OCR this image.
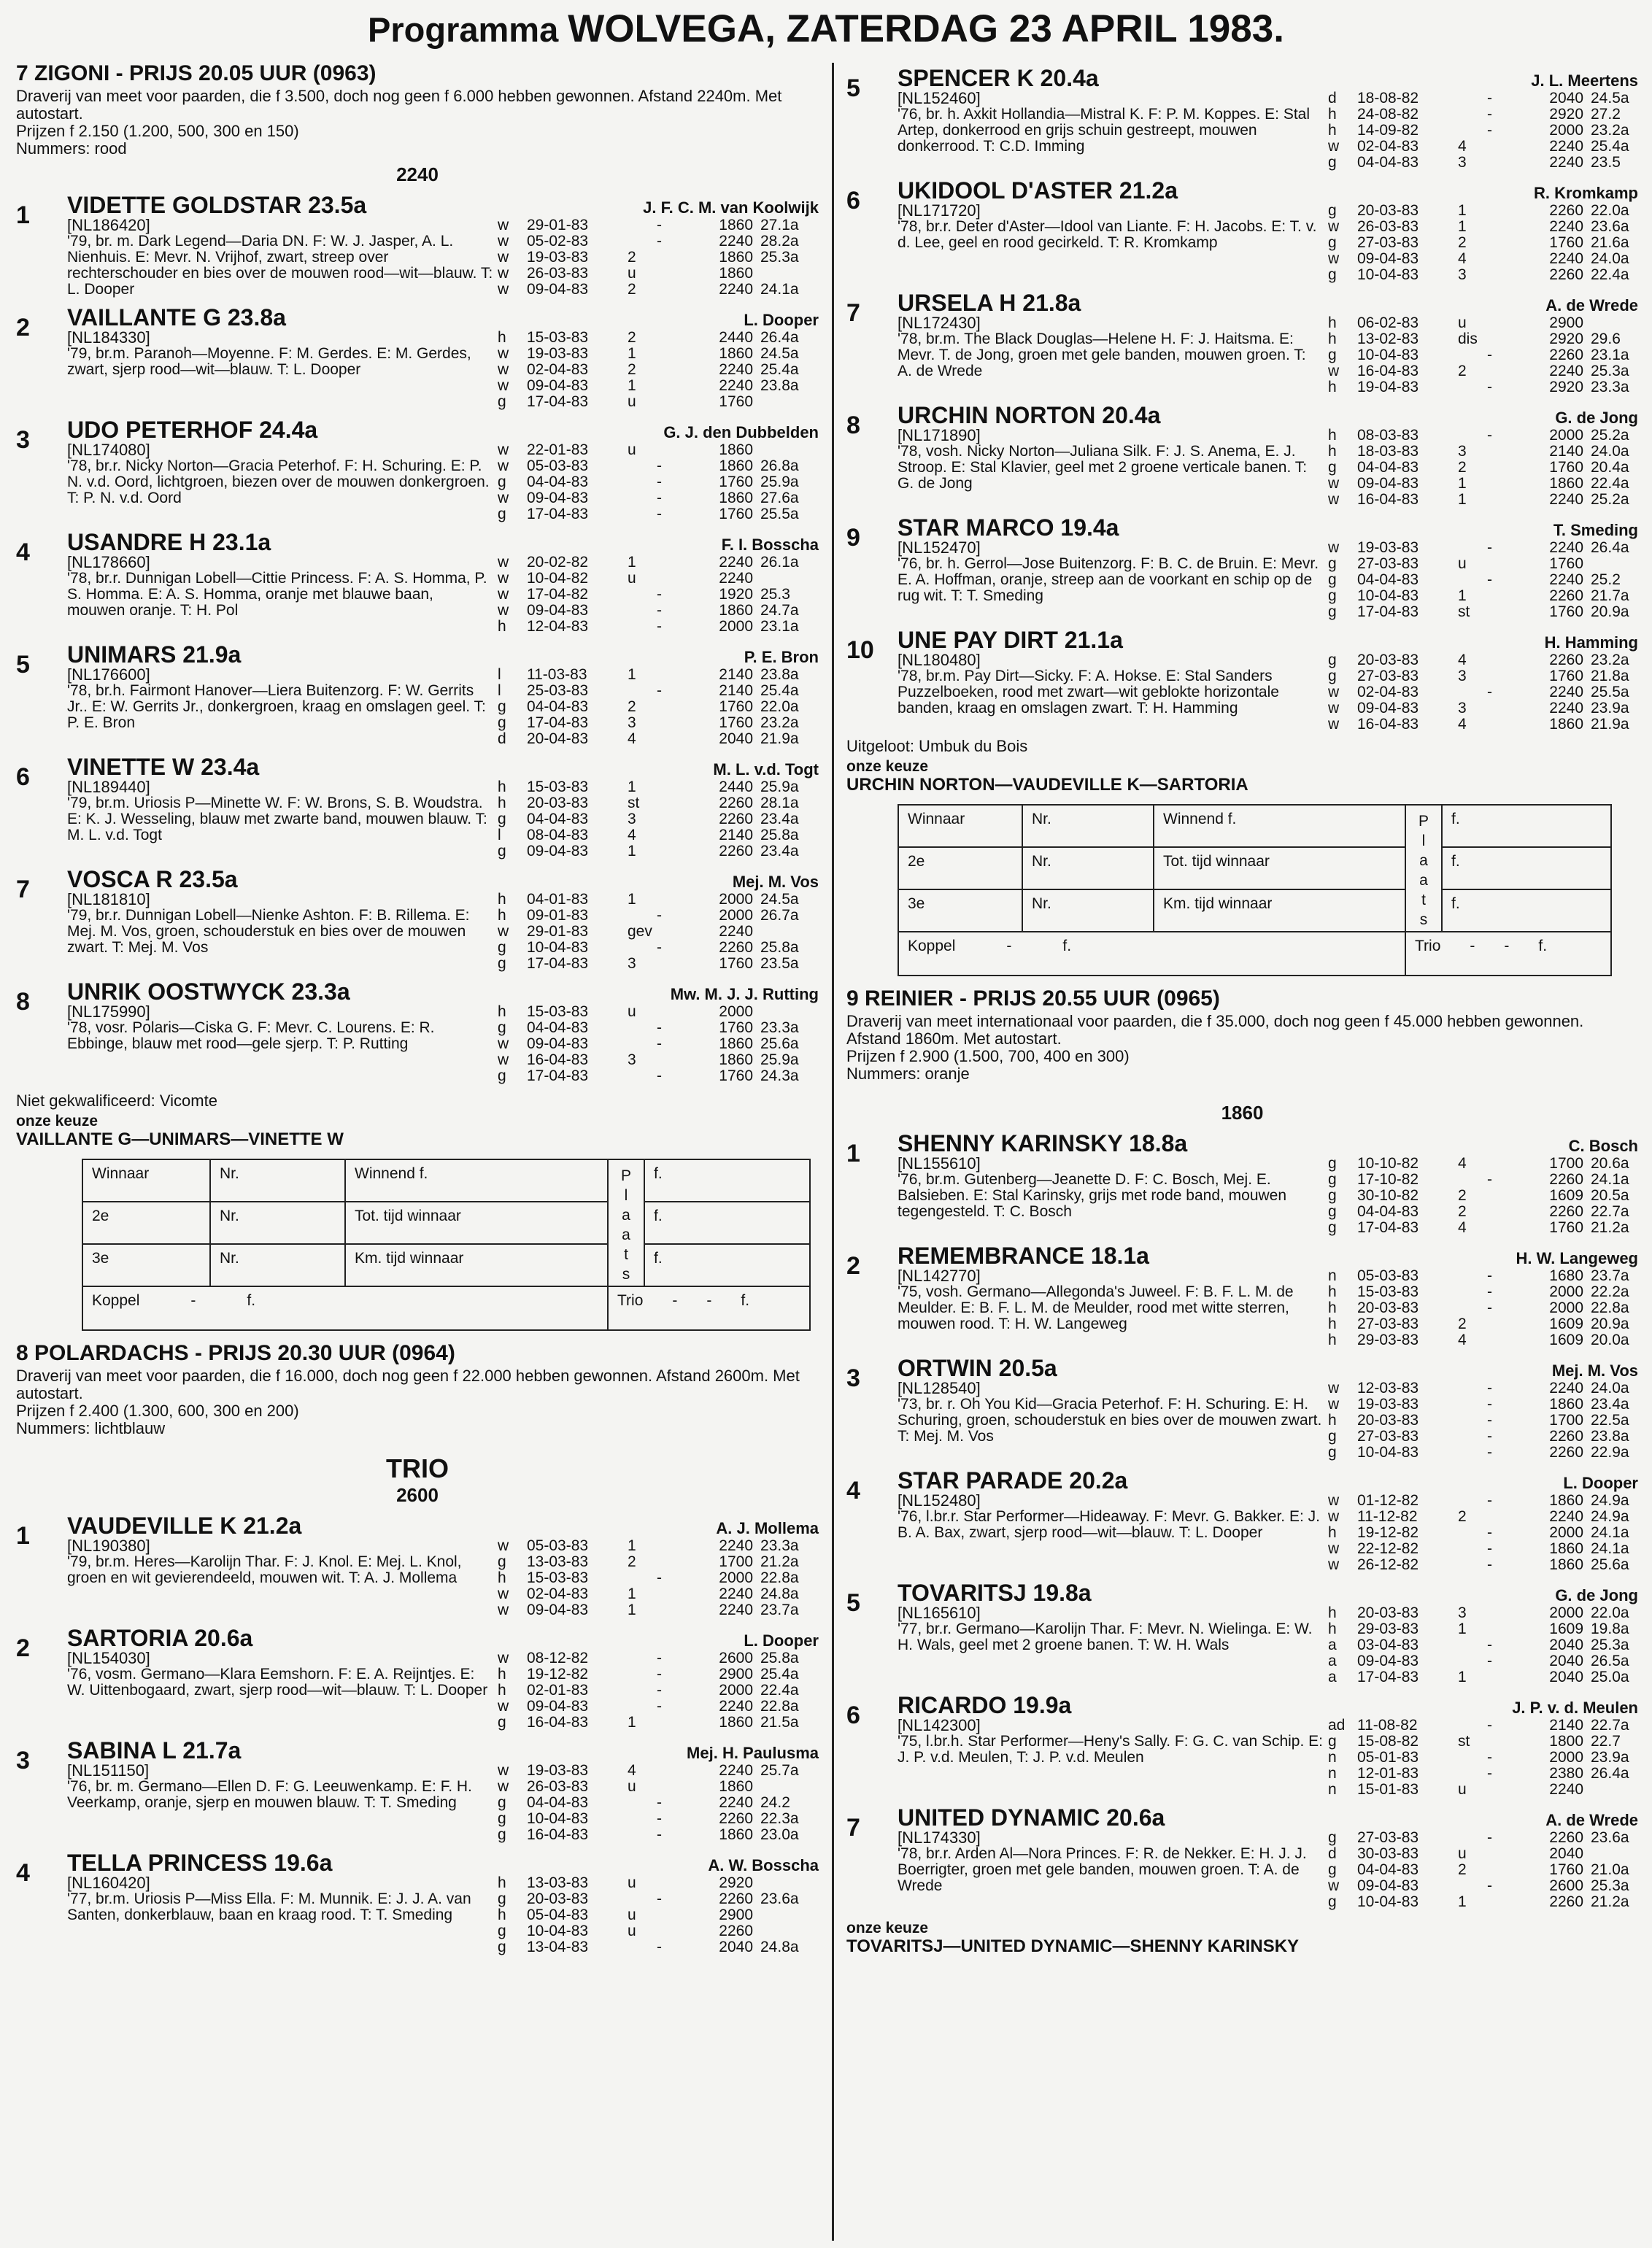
Programma WOLVEGA, ZATERDAG 23 APRIL 1983.
7 ZIGONI - PRIJS 20.05 UUR (0963)
Draverij van meet voor paarden, die f 3.500, doch nog geen f 6.000 hebben gewonnen. Afstand 2240m. Met autostart.
Prijzen f 2.150 (1.200, 500, 300 en 150)
Nummers: rood
2240
1	VIDETTE GOLDSTAR 23.5a
[NL186420]
'79, br. m. Dark Legend—Daria DN. F: W. J. Jasper, A. L. Nienhuis. E: Mevr. N. Vrijhof, zwart, streep over rechterschouder en bies over de mouwen rood—wit—blauw. T: L. Dooper
J. F. C. M. van Koolwijk
w	29-01-83	-	1860 27.1a
w	05-02-83	-	2240 28.2a
w	19-03-83	2	1860 25.3a
w	26-03-83	u	1860
w	09-04-83	2	2240 24.1a
2	VAILLANTE G 23.8a
[NL184330]
'79, br.m. Paranoh—Moyenne. F: M. Gerdes. E: M. Gerdes, zwart, sjerp rood—wit—blauw. T: L. Dooper
L. Dooper
h	15-03-83	2	2440 26.4a
w	19-03-83	1	1860 24.5a
w	02-04-83	2	2240 25.4a
w	09-04-83	1	2240 23.8a
g	17-04-83	u	1760
3	UDO PETERHOF 24.4a
[NL174080]
'78, br.r. Nicky Norton—Gracia Peterhof. F: H. Schuring. E: P. N. v.d. Oord, lichtgroen, biezen over de mouwen donkergroen. T: P. N. v.d. Oord
G. J. den Dubbelden
w	22-01-83	u	1860
w	05-03-83	-	1860 26.8a
g	04-04-83	-	1760 25.9a
w	09-04-83	-	1860 27.6a
g	17-04-83	-	1760 25.5a
4	USANDRE H 23.1a
[NL178660]
'78, br.r. Dunnigan Lobell—Cittie Princess. F: A. S. Homma, P. S. Homma. E: A. S. Homma, oranje met blauwe baan, mouwen oranje. T: H. Pol
F. I. Bosscha
w	20-02-82	1	2240 26.1a
w	10-04-82	u	2240
w	17-04-82	-	1920 25.3
w	09-04-83	-	1860 24.7a
h	12-04-83	-	2000 23.1a
5	UNIMARS 21.9a
[NL176600]
'78, br.h. Fairmont Hanover—Liera Buitenzorg. F: W. Gerrits Jr.. E: W. Gerrits Jr., donkergroen, kraag en omslagen geel. T: P. E. Bron
P. E. Bron
l	11-03-83	1	2140 23.8a
l	25-03-83	-	2140 25.4a
g	04-04-83	2	1760 22.0a
g	17-04-83	3	1760 23.2a
d	20-04-83	4	2040 21.9a
6	VINETTE W 23.4a
[NL189440]
'79, br.m. Uriosis P—Minette W. F: W. Brons, S. B. Woudstra. E: K. J. Wesseling, blauw met zwarte band, mouwen blauw. T: M. L. v.d. Togt
M. L. v.d. Togt
h	15-03-83	1	2440 25.9a
h	20-03-83	st	2260 28.1a
g	04-04-83	3	2260 23.4a
l	08-04-83	4	2140 25.8a
g	09-04-83	1	2260 23.4a
7	VOSCA R 23.5a
[NL181810]
'79, br.r. Dunnigan Lobell—Nienke Ashton. F: B. Rillema. E: Mej. M. Vos, groen, schouderstuk en bies over de mouwen zwart. T: Mej. M. Vos
Mej. M. Vos
h	04-01-83	1	2000 24.5a
h	09-01-83	-	2000 26.7a
w	29-01-83	gev	2240
g	10-04-83	-	2260 25.8a
g	17-04-83	3	1760 23.5a
8	UNRIK OOSTWYCK 23.3a
[NL175990]
'78, vosr. Polaris—Ciska G. F: Mevr. C. Lourens. E: R. Ebbinge, blauw met rood—gele sjerp. T: P. Rutting
Mw. M. J. J. Rutting
h	15-03-83	u	2000
g	04-04-83	-	1760 23.3a
w	09-04-83	-	1860 25.6a
w	16-04-83	3	1860 25.9a
g	17-04-83	-	1760 24.3a
Niet gekwalificeerd: Vicomte
onze keuze
VAILLANTE G—UNIMARS—VINETTE W
Winnaar	Nr.	Winnend f.	f.
2e	Nr.	Tot. tijd winnaar	f.
3e	Nr.	Km. tijd winnaar	f.
P
l
a
a
t
s
Koppel	-	f.	Trio - - f.
8 POLARDACHS - PRIJS 20.30 UUR (0964)
Draverij van meet voor paarden, die f 16.000, doch nog geen f 22.000 hebben gewonnen. Afstand 2600m. Met autostart.
Prijzen f 2.400 (1.300, 600, 300 en 200)
Nummers: lichtblauw
TRIO
2600
1	VAUDEVILLE K 21.2a
[NL190380]
'79, br.m. Heres—Karolijn Thar. F: J. Knol. E: Mej. L. Knol, groen en wit gevierendeeld, mouwen wit. T: A. J. Mollema
A. J. Mollema
w	05-03-83	1	2240 23.3a
g	13-03-83	2	1700 21.2a
h	15-03-83	-	2000 22.8a
w	02-04-83	1	2240 24.8a
w	09-04-83	1	2240 23.7a
2	SARTORIA 20.6a
[NL154030]
'76, vosm. Germano—Klara Eemshorn. F: E. A. Reijntjes. E: W. Uittenbogaard, zwart, sjerp rood—wit—blauw. T: L. Dooper
L. Dooper
w	08-12-82	-	2600 25.8a
h	19-12-82	-	2900 25.4a
h	02-01-83	-	2000 22.4a
w	09-04-83	-	2240 22.8a
g	16-04-83	1	1860 21.5a
3	SABINA L 21.7a
[NL151150]
'76, br. m. Germano—Ellen D. F: G. Leeuwenkamp. E: F. H. Veerkamp, oranje, sjerp en mouwen blauw. T: T. Smeding
Mej. H. Paulusma
w	19-03-83	4	2240 25.7a
w	26-03-83	u	1860
g	04-04-83	-	2240 24.2
g	10-04-83	-	2260 22.3a
g	16-04-83	-	1860 23.0a
4	TELLA PRINCESS 19.6a
[NL160420]
'77, br.m. Uriosis P—Miss Ella. F: M. Munnik. E: J. J. A. van Santen, donkerblauw, baan en kraag rood. T: T. Smeding
A. W. Bosscha
h	13-03-83	u	2920
g	20-03-83	-	2260 23.6a
h	05-04-83	u	2900
g	10-04-83	u	2260
g	13-04-83	-	2040 24.8a
5	SPENCER K 20.4a
[NL152460]
'76, br. h. Axkit Hollandia—Mistral K. F: P. M. Koppes. E: Stal Artep, donkerrood en grijs schuin gestreept, mouwen donkerrood. T: C.D. Imming
J. L. Meertens
d	18-08-82	-	2040 24.5a
h	24-08-82	-	2920 27.2
h	14-09-82	-	2000 23.2a
w	02-04-83	4	2240 25.4a
g	04-04-83	3	2240 23.5
6	UKIDOOL D'ASTER 21.2a
[NL171720]
'78, br.r. Deter d'Aster—Idool van Liante. F: H. Jacobs. E: T. v. d. Lee, geel en rood gecirkeld. T: R. Kromkamp
R. Kromkamp
g	20-03-83	1	2260 22.0a
w	26-03-83	1	2240 23.6a
g	27-03-83	2	1760 21.6a
w	09-04-83	4	2240 24.0a
g	10-04-83	3	2260 22.4a
7	URSELA H 21.8a
[NL172430]
'78, br.m. The Black Douglas—Helene H. F: J. Haitsma. E: Mevr. T. de Jong, groen met gele banden, mouwen groen. T: A. de Wrede
A. de Wrede
h	06-02-83	u	2900
h	13-02-83	dis	2920 29.6
g	10-04-83	-	2260 23.1a
w	16-04-83	2	2240 25.3a
h	19-04-83	-	2920 23.3a
8	URCHIN NORTON 20.4a
[NL171890]
'78, vosh. Nicky Norton—Juliana Silk. F: J. S. Anema, E. J. Stroop. E: Stal Klavier, geel met 2 groene verticale banen. T: G. de Jong
G. de Jong
h	08-03-83	-	2000 25.2a
h	18-03-83	3	2140 24.0a
g	04-04-83	2	1760 20.4a
w	09-04-83	1	1860 22.4a
w	16-04-83	1	2240 25.2a
9	STAR MARCO 19.4a
[NL152470]
'76, br. h. Gerrol—Jose Buitenzorg. F: B. C. de Bruin. E: Mevr. E. A. Hoffman, oranje, streep aan de voorkant en schip op de rug wit. T: T. Smeding
T. Smeding
w	19-03-83	-	2240 26.4a
g	27-03-83	u	1760
g	04-04-83	-	2240 25.2
g	10-04-83	1	2260 21.7a
g	17-04-83	st	1760 20.9a
10	UNE PAY DIRT 21.1a
[NL180480]
'78, br.m. Pay Dirt—Sicky. F: A. Hokse. E: Stal Sanders Puzzelboeken, rood met zwart—wit geblokte horizontale banden, kraag en omslagen zwart. T: H. Hamming
H. Hamming
g	20-03-83	4	2260 23.2a
g	27-03-83	3	1760 21.8a
w	02-04-83	-	2240 25.5a
w	09-04-83	3	2240 23.9a
w	16-04-83	4	1860 21.9a
Uitgeloot: Umbuk du Bois
onze keuze
URCHIN NORTON—VAUDEVILLE K—SARTORIA
Winnaar	Nr.	Winnend f.	f.
2e	Nr.	Tot. tijd winnaar	f.
3e	Nr.	Km. tijd winnaar	f.
P
l
a
a
t
s
Koppel	-	f.	Trio - - f.
9 REINIER - PRIJS 20.55 UUR (0965)
Draverij van meet internationaal voor paarden, die f 35.000, doch nog geen f 45.000 hebben gewonnen. Afstand 1860m. Met autostart.
Prijzen f 2.900 (1.500, 700, 400 en 300)
Nummers: oranje
1860
1	SHENNY KARINSKY 18.8a
[NL155610]
'76, br.m. Gutenberg—Jeanette D. F: C. Bosch, Mej. E. Balsieben. E: Stal Karinsky, grijs met rode band, mouwen tegengesteld. T: C. Bosch
C. Bosch
g	10-10-82	4	1700 20.6a
g	17-10-82	-	2260 24.1a
g	30-10-82	2	1609 20.5a
g	04-04-83	2	2260 22.7a
g	17-04-83	4	1760 21.2a
2	REMEMBRANCE 18.1a
[NL142770]
'75, vosh. Germano—Allegonda's Juweel. F: B. F. L. M. de Meulder. E: B. F. L. M. de Meulder, rood met witte sterren, mouwen rood. T: H. W. Langeweg
H. W. Langeweg
n	05-03-83	-	1680 23.7a
h	15-03-83	-	2000 22.2a
h	20-03-83	-	2000 22.8a
h	27-03-83	2	1609 20.9a
h	29-03-83	4	1609 20.0a
3	ORTWIN 20.5a
[NL128540]
'73, br. r. Oh You Kid—Gracia Peterhof. F: H. Schuring. E: H. Schuring, groen, schouderstuk en bies over de mouwen zwart. T: Mej. M. Vos
Mej. M. Vos
w	12-03-83	-	2240 24.0a
w	19-03-83	-	1860 23.4a
h	20-03-83	-	1700 22.5a
g	27-03-83	-	2260 23.8a
g	10-04-83	-	2260 22.9a
4	STAR PARADE 20.2a
[NL152480]
'76, l.br.r. Star Performer—Hideaway. F: Mevr. G. Bakker. E: J. B. A. Bax, zwart, sjerp rood—wit—blauw. T: L. Dooper
L. Dooper
w	01-12-82	-	1860 24.9a
w	11-12-82	2	2240 24.9a
h	19-12-82	-	2000 24.1a
w	22-12-82	-	1860 24.1a
w	26-12-82	-	1860 25.6a
5	TOVARITSJ 19.8a
[NL165610]
'77, br.r. Germano—Karolijn Thar. F: Mevr. N. Wielinga. E: W. H. Wals, geel met 2 groene banen. T: W. H. Wals
G. de Jong
h	20-03-83	3	2000 22.0a
h	29-03-83	1	1609 19.8a
a	03-04-83	-	2040 25.3a
a	09-04-83	-	2040 26.5a
a	17-04-83	1	2040 25.0a
6	RICARDO 19.9a
[NL142300]
'75, l.br.h. Star Performer—Heny's Sally. F: G. C. van Schip. E: J. P. v.d. Meulen, T: J. P. v.d. Meulen
J. P. v. d. Meulen
ad 11-08-82	-	2140 22.7a
g	15-08-82	st	1800 22.7
n	05-01-83	-	2000 23.9a
n	12-01-83	-	2380 26.4a
n	15-01-83	u	2240
7	UNITED DYNAMIC 20.6a
[NL174330]
'78, br.r. Arden Al—Nora Princes. F: R. de Nekker. E: H. J. J. Boerrigter, groen met gele banden, mouwen groen. T: A. de Wrede
A. de Wrede
g	27-03-83	-	2260 23.6a
d	30-03-83	u	2040
g	04-04-83	2	1760 21.0a
w	09-04-83	-	2600 25.3a
g	10-04-83	1	2260 21.2a
onze keuze
TOVARITSJ—UNITED DYNAMIC—SHENNY KARINSKY
